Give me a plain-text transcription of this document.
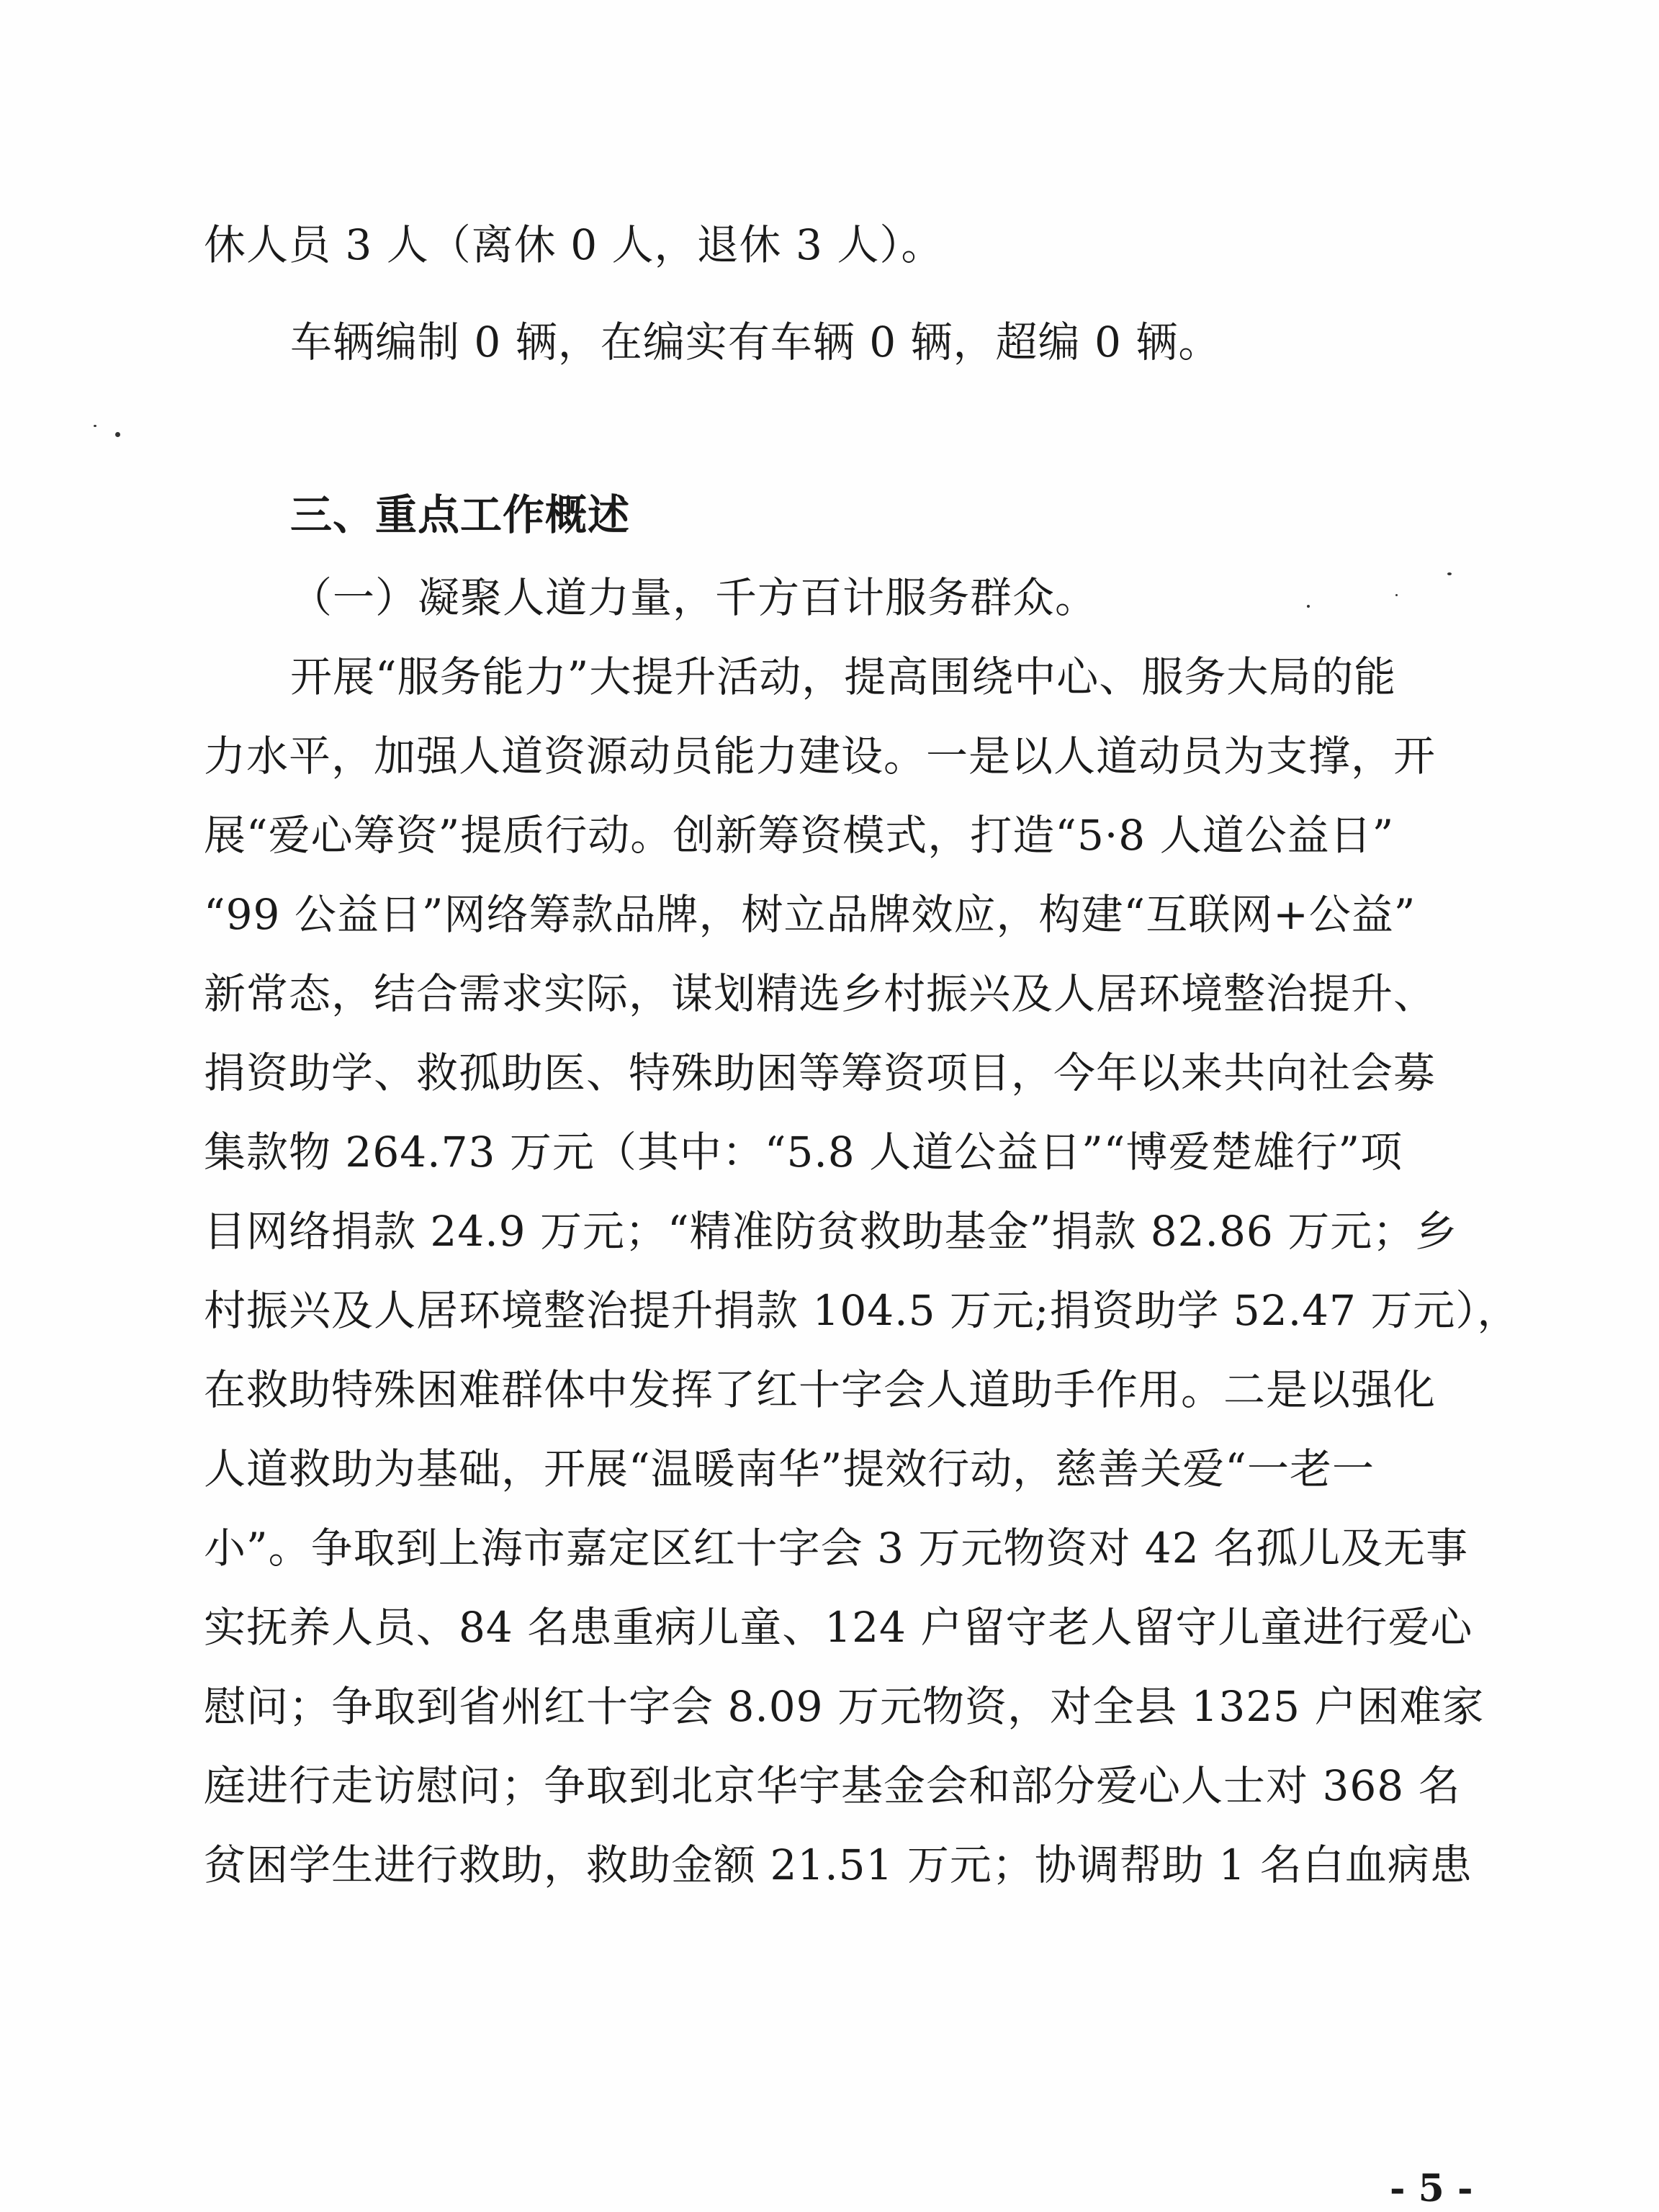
休人员 3 人（离休 0 人，退休 3 人）。
车辆编制 0 辆，在编实有车辆 0 辆，超编 0 辆。
三、重点工作概述
（一）凝聚人道力量，千方百计服务群众。
开展“服务能力”大提升活动，提高围绕中心、服务大局的能
力水平，加强人道资源动员能力建设。一是以人道动员为支撑，开
展“爱心筹资”提质行动。创新筹资模式，打造“5·8 人道公益日”
“99 公益日”网络筹款品牌，树立品牌效应，构建“互联网+公益”
新常态，结合需求实际，谋划精选乡村振兴及人居环境整治提升、
捐资助学、救孤助医、特殊助困等筹资项目，今年以来共向社会募
集款物 264.73 万元（其中：“5.8 人道公益日”“博爱楚雄行”项
目网络捐款 24.9 万元；“精准防贫救助基金”捐款 82.86 万元；乡
村振兴及人居环境整治提升捐款 104.5 万元;捐资助学 52.47 万元），
在救助特殊困难群体中发挥了红十字会人道助手作用。二是以强化
人道救助为基础，开展“温暖南华”提效行动，慈善关爱“一老一
小”。争取到上海市嘉定区红十字会 3 万元物资对 42 名孤儿及无事
实抚养人员、84 名患重病儿童、124 户留守老人留守儿童进行爱心
慰问；争取到省州红十字会 8.09 万元物资，对全县 1325 户困难家
庭进行走访慰问；争取到北京华宇基金会和部分爱心人士对 368 名
贫困学生进行救助，救助金额 21.51 万元；协调帮助 1 名白血病患
- 5 -
